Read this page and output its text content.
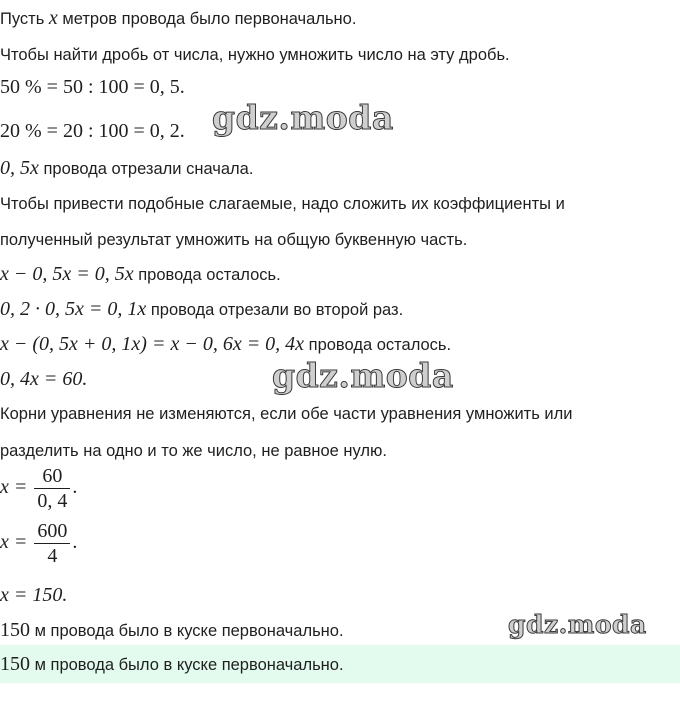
Пусть x метров провода было первоначально.
Чтобы найти дробь от числа, нужно умножить число на эту дробь.
50 % = 50 : 100 = 0, 5.
20 % = 20 : 100 = 0, 2.
0, 5x провода отрезали сначала.
Чтобы привести подобные слагаемые, надо сложить их коэффициенты и
полученный результат умножить на общую буквенную часть.
x − 0, 5x = 0, 5x провода осталось.
0, 2 · 0, 5x = 0, 1x провода отрезали во второй раз.
x − (0, 5x + 0, 1x) = x − 0, 6x = 0, 4x провода осталось.
0, 4x = 60.
Корни уравнения не изменяются, если обе части уравнения умножить или
разделить на одно и то же число, не равное нулю.
$x = \frac{60}{0, 4}$ .
$x = \frac{600}{4}$ .
x = 150.
150 м провода было в куске первоначально.
150 м провода было в куске первоначально.
gdz.moda
gdz.moda
gdz.moda
